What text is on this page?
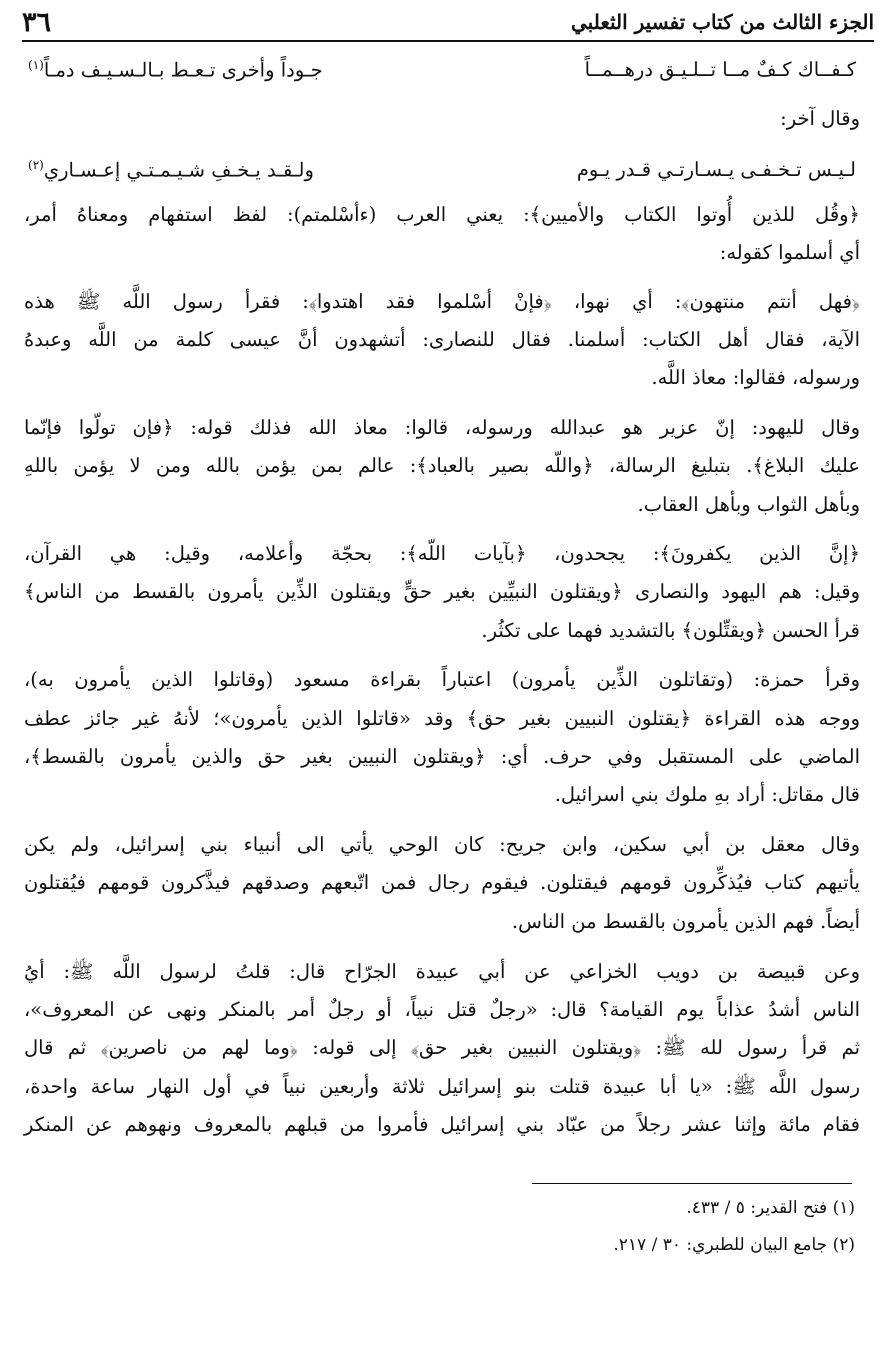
الجزء الثالث من كتاب تفسير الثعلبي
٣٦
كـفــاك كـفٌ مــا تــلـيـق درهــمــاً
جـوداً وأخرى تـعـط بـالـسـيـف دمـاً$^{(١)}$
وقال آخر:
لـيـس تـخـفـى يـسـارتـي قـدر يـوم
ولـقـد يـخـفِ شـيـمـتـي إعـسـاري$^{(٢)}$
﴿وقُل للذين أُوتوا الكتاب والأميين﴾: يعني العرب (ءأسْلمتم): لفظ استفهام ومعناهُ أمر،
أي أسلموا كقوله:
﴿فهل أنتم منتهون﴾: أي نهوا، ﴿فإنْ أسْلموا فقد اهتدوا﴾: فقرأ رسول اللَّه ﷺ هذه
الآية، فقال أهل الكتاب: أسلمنا. فقال للنصارى: أتشهدون أنَّ عيسى كلمة من اللَّه وعبدهُ
ورسوله، فقالوا: معاذ اللَّه.
وقال لليهود: إنّ عزير هو عبدالله ورسوله، قالوا: معاذ الله فذلك قوله: ﴿فإن تولّوا فإنّما
عليك البلاغ﴾. بتبليغ الرسالة، ﴿واللّه بصير بالعباد﴾: عالم بمن يؤمن بالله ومن لا يؤمن باللهِ
وبأهل الثواب وبأهل العقاب.
﴿إنَّ الذين يكفرونَ﴾: يجحدون، ﴿بآيات اللّه﴾: بحجّة وأعلامه، وقيل: هي القرآن،
وقيل: هم اليهود والنصارى ﴿ويقتلون النبيِّين بغير حقٍّ ويقتلون الذِّين يأمرون بالقسط من الناس﴾
قرأ الحسن ﴿ويقتِّلون﴾ بالتشديد فهما على تكثُر.
وقرأ حمزة: (وتقاتلون الذِّين يأمرون) اعتباراً بقراءة مسعود (وقاتلوا الذين يأمرون به)،
ووجه هذه القراءة ﴿يقتلون النبيين بغير حق﴾ وقد «قاتلوا الذين يأمرون»؛ لأنهُ غير جائز عطف
الماضي على المستقبل وفي حرف. أي: ﴿ويقتلون النبيين بغير حق والذين يأمرون بالقسط﴾،
قال مقاتل: أراد بهِ ملوك بني اسرائيل.
وقال معقل بن أبي سكين، وابن جريح: كان الوحي يأتي الى أنبياء بني إسرائيل، ولم يكن
يأتيهم كتاب فيُذكِّرون قومهم فيقتلون. فيقوم رجال فمن اتّبعهم وصدقهم فيذَّكرون قومهم فيُقتلون
أيضاً. فهم الذين يأمرون بالقسط من الناس.
وعن قبيصة بن دويب الخزاعي عن أبي عبيدة الجرّاح قال: قلتُ لرسول اللَّه ﷺ: أيُ
الناس أشدُ عذاباً يوم القيامة؟ قال: «رجلٌ قتل نبياً، أو رجلٌ أمر بالمنكر ونهى عن المعروف»،
ثم قرأ رسول لله ﷺ: ﴿ويقتلون النبيين بغير حق﴾ إلى قوله: ﴿وما لهم من ناصرين﴾ ثم قال
رسول اللَّه ﷺ: «يا أبا عبيدة قتلت بنو إسرائيل ثلاثة وأربعين نبياً في أول النهار ساعة واحدة،
فقام مائة وإثنا عشر رجلاً من عبّاد بني إسرائيل فأمروا من قبلهم بالمعروف ونهوهم عن المنكر
(١) فتح القدير: ٥ / ٤٣٣.
(٢) جامع البيان للطبري: ٣٠ / ٢١٧.
